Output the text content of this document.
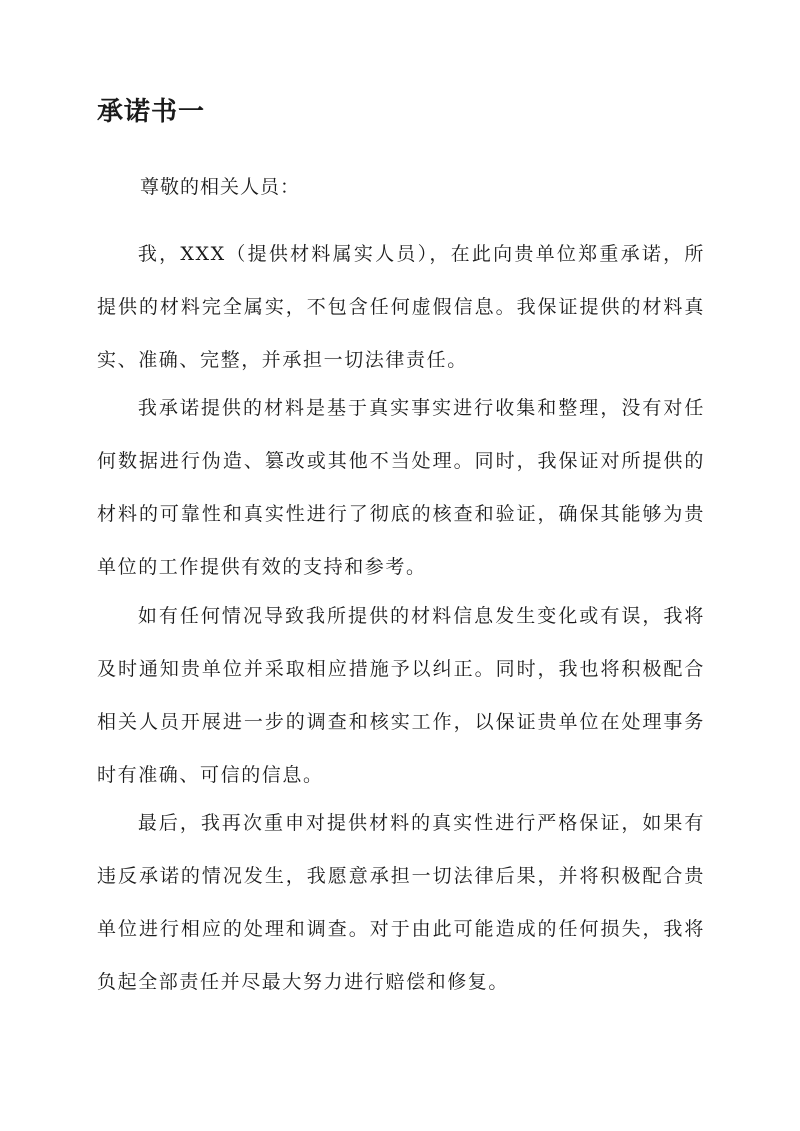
承诺书一
尊敬的相关人员：

我，XXX（提供材料属实人员），在此向贵单位郑重承诺，所提供的材料完全属实，不包含任何虚假信息。我保证提供的材料真实、准确、完整，并承担一切法律责任。

我承诺提供的材料是基于真实事实进行收集和整理，没有对任何数据进行伪造、篡改或其他不当处理。同时，我保证对所提供的材料的可靠性和真实性进行了彻底的核查和验证，确保其能够为贵单位的工作提供有效的支持和参考。

如有任何情况导致我所提供的材料信息发生变化或有误，我将及时通知贵单位并采取相应措施予以纠正。同时，我也将积极配合相关人员开展进一步的调查和核实工作，以保证贵单位在处理事务时有准确、可信的信息。

最后，我再次重申对提供材料的真实性进行严格保证，如果有违反承诺的情况发生，我愿意承担一切法律后果，并将积极配合贵单位进行相应的处理和调查。对于由此可能造成的任何损失，我将负起全部责任并尽最大努力进行赔偿和修复。
